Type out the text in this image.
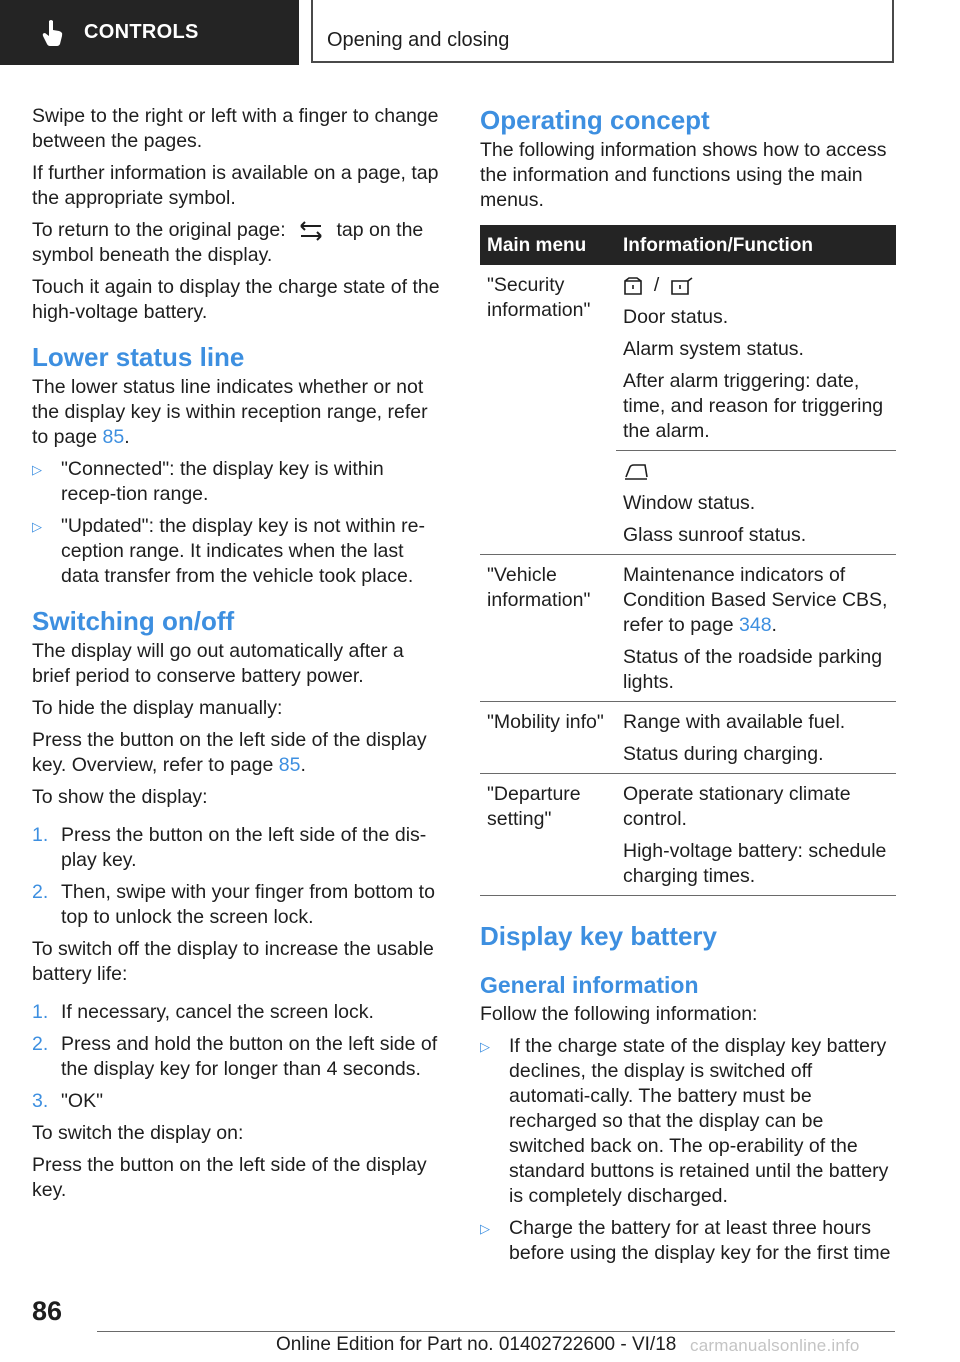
CONTROLS	Opening and closing

Swipe to the right or left with a finger to change between the pages.

If further information is available on a page, tap the appropriate symbol.

To return to the original page:	tap on the symbol beneath the display.

Touch it again to display the charge state of the high-voltage battery.

Lower status line

The lower status line indicates whether or not the display key is within reception range, refer to page 85.

▷ "Connected": the display key is within recep-tion range.
▷ "Updated": the display key is not within re-ception range. It indicates when the last data transfer from the vehicle took place.
Switching on/off

The display will go out automatically after a brief period to conserve battery power.

To hide the display manually:

Press the button on the left side of the display key. Overview, refer to page 85.

To show the display:

1. Press the button on the left side of the dis-play key.
2. Then, swipe with your finger from bottom to top to unlock the screen lock.

To switch off the display to increase the usable battery life:

1. If necessary, cancel the screen lock.
2. Press and hold the button on the left side of the display key for longer than 4 seconds.
3. "OK"

To switch the display on:

Press the button on the left side of the display key.

Operating concept

The following information shows how to access the information and functions using the main menus.

Main menu	Information/Function
"Security information"	/

Door status.

Alarm system status.

After alarm triggering: date, time, and reason for triggering the alarm.

	Window status.

Glass sunroof status.

"Vehicle information"	Maintenance indicators of Condition Based Service CBS, refer to page 348.

Status of the roadside parking lights.

"Mobility info"	Range with available fuel.

Status during charging.

"Departure setting"	Operate stationary climate control.

High-voltage battery: schedule charging times.

Display key battery
General information

Follow the following information:

▷ If the charge state of the display key battery declines, the display is switched off automati-cally. The battery must be recharged so that the display can be switched back on. The op-erability of the standard buttons is retained until the battery is completely discharged.
▷ Charge the battery for at least three hours before using the display key for the first time
86
Online Edition for Part no. 01402722600 - VI/18 carmanualsonline.info
